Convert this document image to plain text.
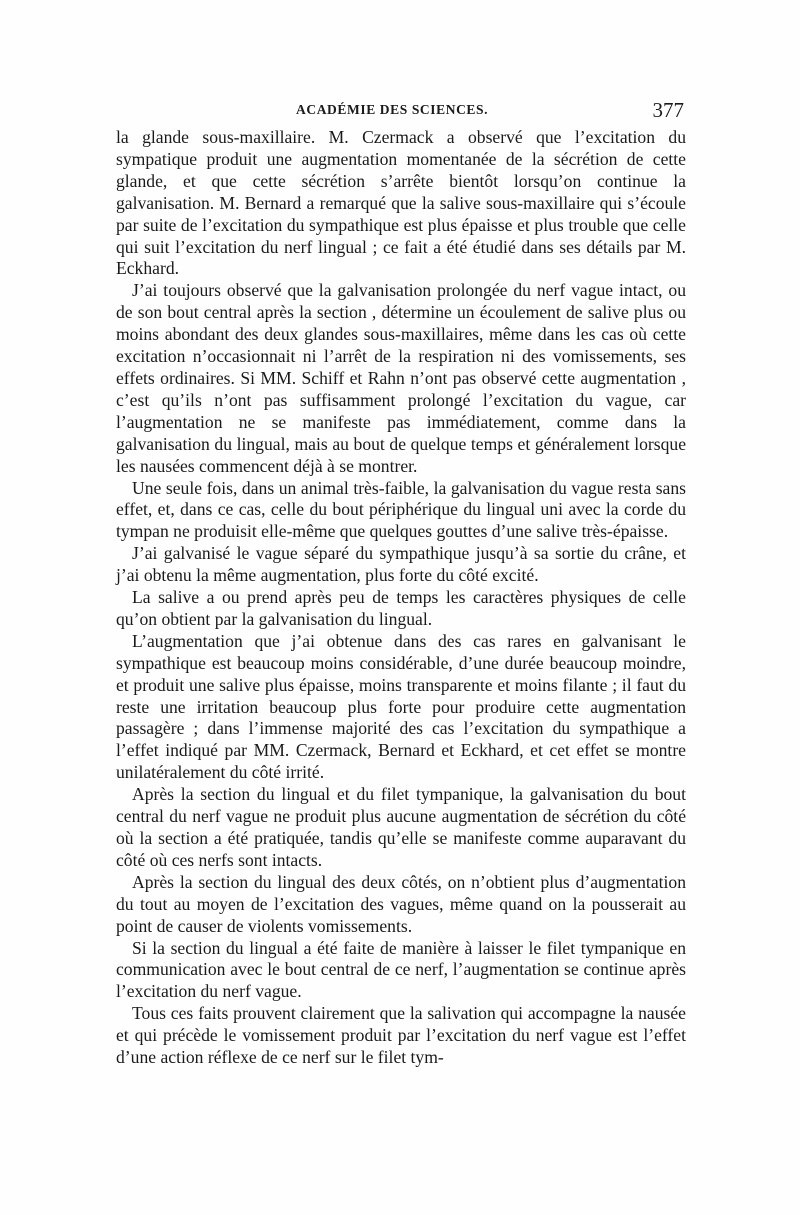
ACADÉMIE DES SCIENCES.	377

la glande sous-maxillaire. M. Czermack a observé que l’excitation du sympatique produit une augmentation momentanée de la sécrétion de cette glande, et que cette sécrétion s’arrête bientôt lorsqu’on continue la galvanisation. M. Bernard a remarqué que la salive sous-maxillaire qui s’écoule par suite de l’excitation du sympathique est plus épaisse et plus trouble que celle qui suit l’excitation du nerf lingual ; ce fait a été étudié dans ses détails par M. Eckhard.

J’ai toujours observé que la galvanisation prolongée du nerf vague intact, ou de son bout central après la section , détermine un écoulement de salive plus ou moins abondant des deux glandes sous-maxillaires, même dans les cas où cette excitation n’occasionnait ni l’arrêt de la respiration ni des vomissements, ses effets ordinaires. Si MM. Schiff et Rahn n’ont pas observé cette augmentation , c’est qu’ils n’ont pas suffisamment prolongé l’excitation du vague, car l’augmentation ne se manifeste pas immédiatement, comme dans la galvanisation du lingual, mais au bout de quelque temps et généralement lorsque les nausées commencent déjà à se montrer.

Une seule fois, dans un animal très-faible, la galvanisation du vague resta sans effet, et, dans ce cas, celle du bout périphérique du lingual uni avec la corde du tympan ne produisit elle-même que quelques gouttes d’une salive très-épaisse.

J’ai galvanisé le vague séparé du sympathique jusqu’à sa sortie du crâne, et j’ai obtenu la même augmentation, plus forte du côté excité.

La salive a ou prend après peu de temps les caractères physiques de celle qu’on obtient par la galvanisation du lingual.

L’augmentation que j’ai obtenue dans des cas rares en galvanisant le sympathique est beaucoup moins considérable, d’une durée beaucoup moindre, et produit une salive plus épaisse, moins transparente et moins filante ; il faut du reste une irritation beaucoup plus forte pour produire cette augmentation passagère ; dans l’immense majorité des cas l’excitation du sympathique a l’effet indiqué par MM. Czermack, Bernard et Eckhard, et cet effet se montre unilatéralement du côté irrité.

Après la section du lingual et du filet tympanique, la galvanisation du bout central du nerf vague ne produit plus aucune augmentation de sécrétion du côté où la section a été pratiquée, tandis qu’elle se manifeste comme auparavant du côté où ces nerfs sont intacts.

Après la section du lingual des deux côtés, on n’obtient plus d’augmentation du tout au moyen de l’excitation des vagues, même quand on la pousserait au point de causer de violents vomissements.

Si la section du lingual a été faite de manière à laisser le filet tympanique en communication avec le bout central de ce nerf, l’augmentation se continue après l’excitation du nerf vague.

Tous ces faits prouvent clairement que la salivation qui accompagne la nausée et qui précède le vomissement produit par l’excitation du nerf vague est l’effet d’une action réflexe de ce nerf sur le filet tym-
